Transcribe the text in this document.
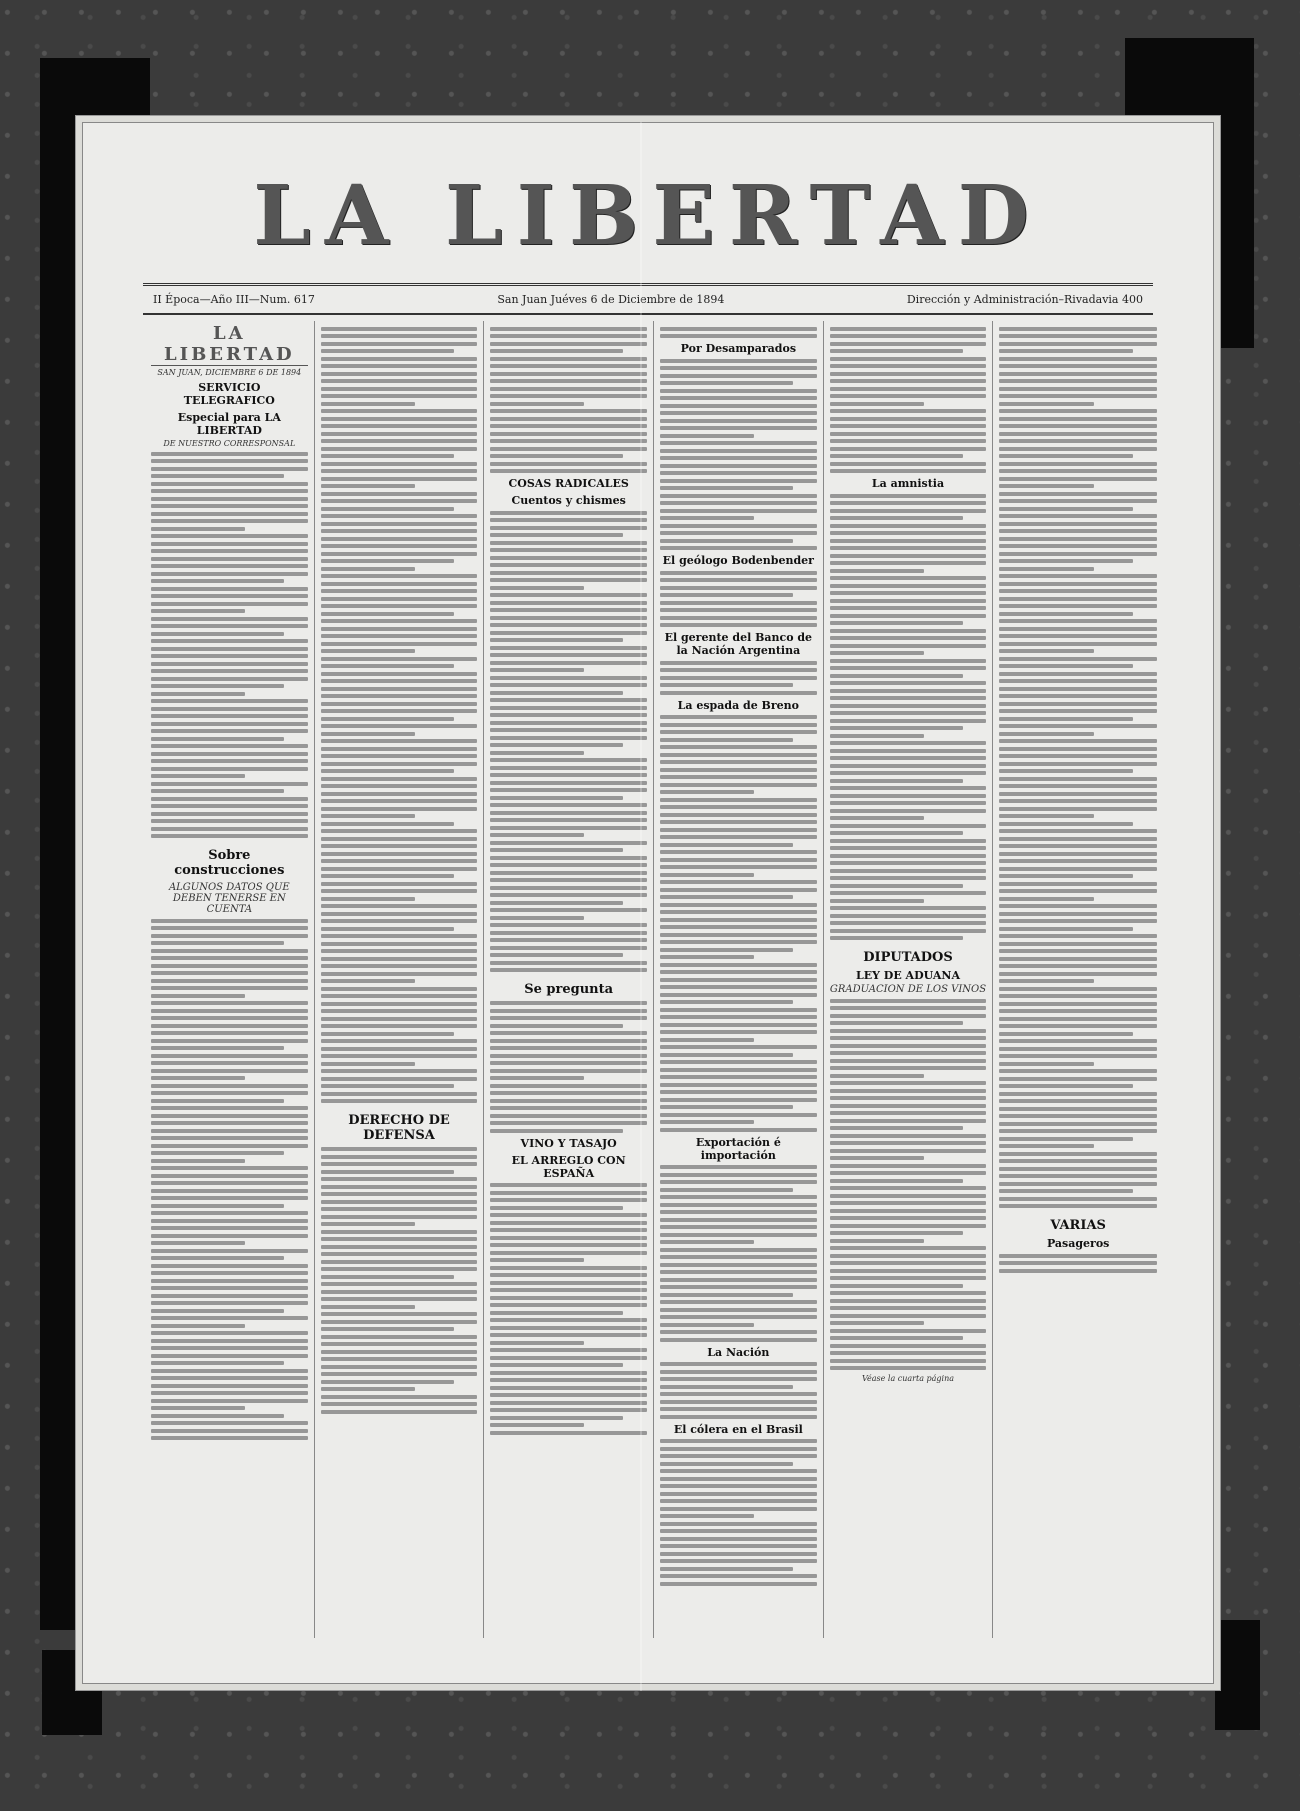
LA LIBERTAD
II Época—Año III—Num. 617	San Juan Juéves 6 de Diciembre de 1894	Dirección y Administración–Rivadavia 400
LA LIBERTAD
SAN JUAN, DICIEMBRE 6 DE 1894
SERVICIO TELEGRAFICO
Especial para LA LIBERTAD
DE NUESTRO CORRESPONSAL
Sobre construcciones
ALGUNOS DATOS QUE DEBEN TENERSE EN CUENTA
DERECHO DE DEFENSA
COSAS RADICALES
Cuentos y chismes
Se pregunta
VINO Y TASAJO
EL ARREGLO CON ESPAÑA
Por Desamparados
El geólogo Bodenbender
El gerente del Banco de la Nación Argentina
La espada de Breno
Exportación é importación
La Nación
El cólera en el Brasil
La amnistia
DIPUTADOS
LEY DE ADUANA
GRADUACION DE LOS VINOS
Véase la cuarta página
VARIAS
Pasageros
